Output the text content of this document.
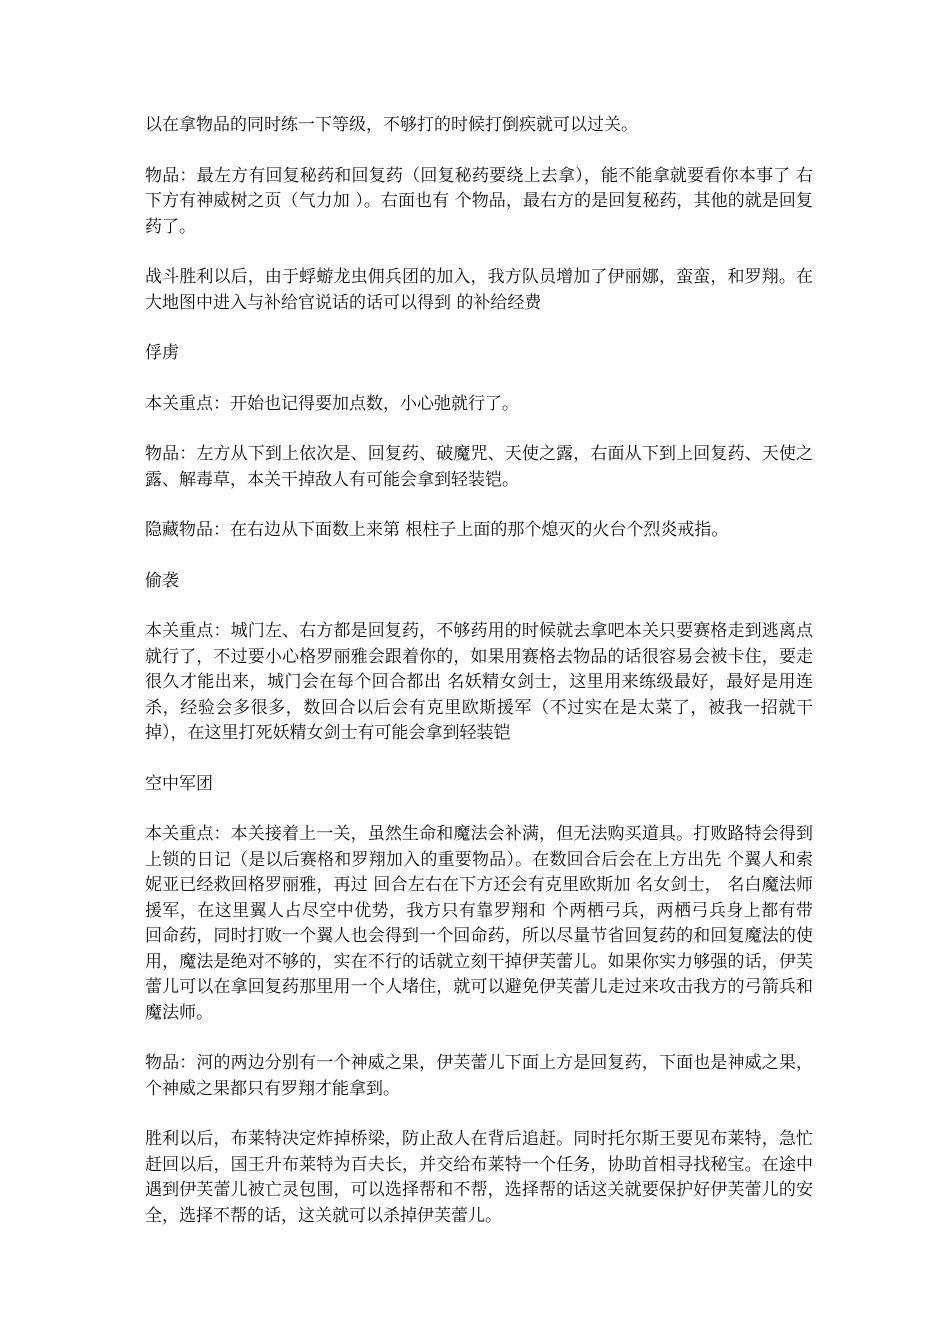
以在拿物品的同时练一下等级，不够打的时候打倒疾就可以过关。

物品：最左方有回复秘药和回复药（回复秘药要绕上去拿），能不能拿就要看你本事了 右下方有神威树之页（气力加 ）。右面也有 个物品，最右方的是回复秘药，其他的就是回复药了。

战斗胜利以后，由于蜉蝣龙虫佣兵团的加入，我方队员增加了伊丽娜，蛮蛮，和罗翔。在大地图中进入与补给官说话的话可以得到 的补给经费

俘虏

本关重点：开始也记得要加点数，小心弛就行了。

物品：左方从下到上依次是、回复药、破魔咒、天使之露，右面从下到上回复药、天使之露、解毒草，本关干掉敌人有可能会拿到轻装铠。

隐藏物品：在右边从下面数上来第 根柱子上面的那个熄灭的火台个烈炎戒指。

偷袭

本关重点：城门左、右方都是回复药，不够药用的时候就去拿吧本关只要赛格走到逃离点就行了，不过要小心格罗丽雅会跟着你的，如果用赛格去物品的话很容易会被卡住，要走很久才能出来，城门会在每个回合都出 名妖精女剑士，这里用来练级最好，最好是用连杀，经验会多很多，数回合以后会有克里欧斯援军（不过实在是太菜了，被我一招就干掉），在这里打死妖精女剑士有可能会拿到轻装铠

空中军团

本关重点：本关接着上一关，虽然生命和魔法会补满，但无法购买道具。打败路特会得到上锁的日记（是以后赛格和罗翔加入的重要物品）。在数回合后会在上方出先 个翼人和索妮亚已经救回格罗丽雅，再过 回合左右在下方还会有克里欧斯加 名女剑士， 名白魔法师援军，在这里翼人占尽空中优势，我方只有靠罗翔和 个两栖弓兵，两栖弓兵身上都有带回命药，同时打败一个翼人也会得到一个回命药，所以尽量节省回复药的和回复魔法的使用，魔法是绝对不够的，实在不行的话就立刻干掉伊芙蕾儿。如果你实力够强的话，伊芙蕾儿可以在拿回复药那里用一个人堵住，就可以避免伊芙蕾儿走过来攻击我方的弓箭兵和魔法师。

物品：河的两边分别有一个神威之果，伊芙蕾儿下面上方是回复药，下面也是神威之果， 个神威之果都只有罗翔才能拿到。

胜利以后，布莱特决定炸掉桥梁，防止敌人在背后追赶。同时托尔斯王要见布莱特，急忙赶回以后，国王升布莱特为百夫长，并交给布莱特一个任务，协助首相寻找秘宝。在途中遇到伊芙蕾儿被亡灵包围，可以选择帮和不帮，选择帮的话这关就要保护好伊芙蕾儿的安全，选择不帮的话，这关就可以杀掉伊芙蕾儿。
